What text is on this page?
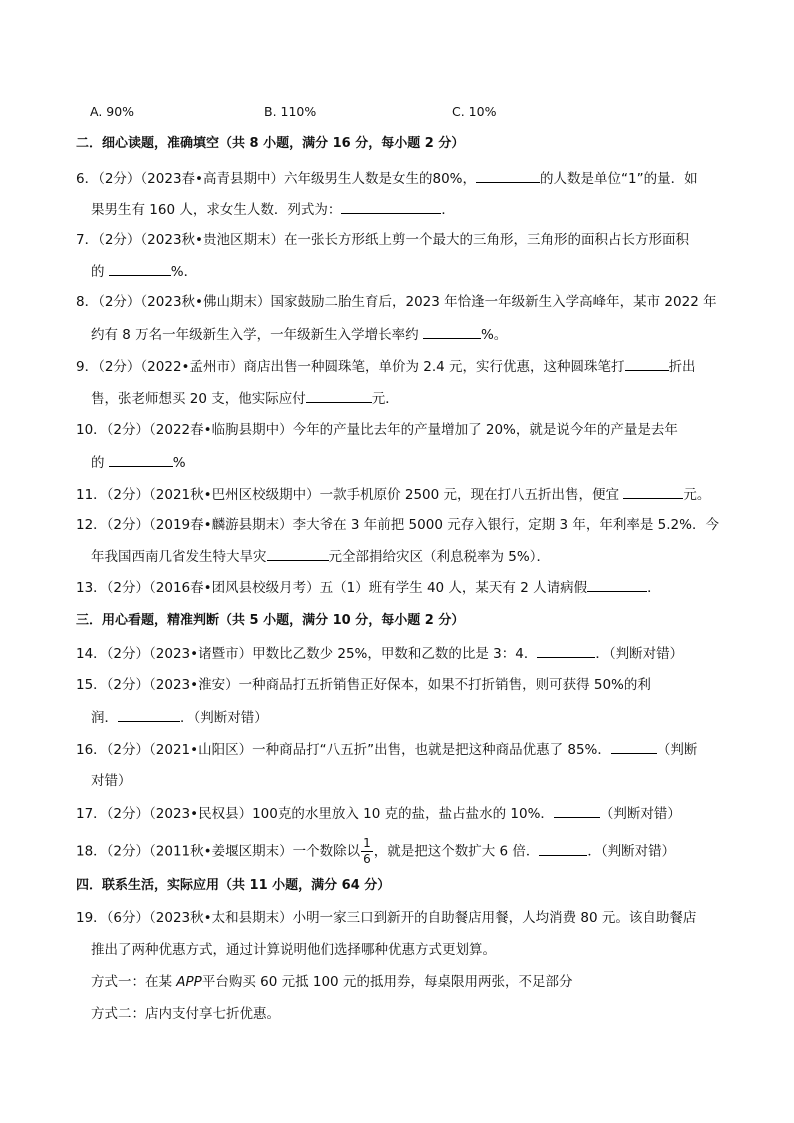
A. 90%	B. 110%	C. 10%
二．细心读题，准确填空（共 8 小题，满分 16 分，每小题 2 分）
6．（2分）（2023春•高青县期中）六年级男生人数是女生的80%，	的人数是单位“1”的量．如
果男生有 160 人，求女生人数．列式为：	．
7．（2分）（2023秋•贵池区期末）在一张长方形纸上剪一个最大的三角形，三角形的面积占长方形面积
的	%．
8．（2分）（2023秋•佛山期末）国家鼓励二胎生育后，2023 年恰逢一年级新生入学高峰年，某市 2022 年
约有 8 万名一年级新生入学，一年级新生入学增长率约	%。
9．（2分）（2022•孟州市）商店出售一种圆珠笔，单价为 2.4 元，实行优惠，这种圆珠笔打	折出
售，张老师想买 20 支，他实际应付	元．
10．（2分）（2022春•临朐县期中）今年的产量比去年的产量增加了 20%，就是说今年的产量是去年
的	%
11．（2分）（2021秋•巴州区校级期中）一款手机原价 2500 元，现在打八五折出售，便宜	元。
12．（2分）（2019春•麟游县期末）李大爷在 3 年前把 5000 元存入银行，定期 3 年，年利率是 5.2%．今
年我国西南几省发生特大旱灾	元全部捐给灾区（利息税率为 5%）．
13．（2分）（2016春•团风县校级月考）五（1）班有学生 40 人，某天有 2 人请病假	．
三．用心看题，精准判断（共 5 小题，满分 10 分，每小题 2 分）
14．（2分）（2023•诸暨市）甲数比乙数少 25%，甲数和乙数的比是 3：4．	．（判断对错）
15．（2分）（2023•淮安）一种商品打五折销售正好保本，如果不打折销售，则可获得 50%的利
润．	．（判断对错）
16．（2分）（2021•山阳区）一种商品打“八五折”出售，也就是把这种商品优惠了 85%．	（判断
对错）
17．（2分）（2023•民权县）100克的水里放入 10 克的盐，盐占盐水的 10%．	（判断对错）
18．（2分）（2011秋•姜堰区期末）一个数除以 $\frac{1}{6}$ ，就是把这个数扩大 6 倍．	．（判断对错）
四．联系生活，实际应用（共 11 小题，满分 64 分）
19．（6分）（2023秋•太和县期末）小明一家三口到新开的自助餐店用餐，人均消费 80 元。该自助餐店
推出了两种优惠方式，通过计算说明他们选择哪种优惠方式更划算。
方式一：在某 APP平台购买 60 元抵 100 元的抵用券，每桌限用两张，不足部分
方式二：店内支付享七折优惠。
